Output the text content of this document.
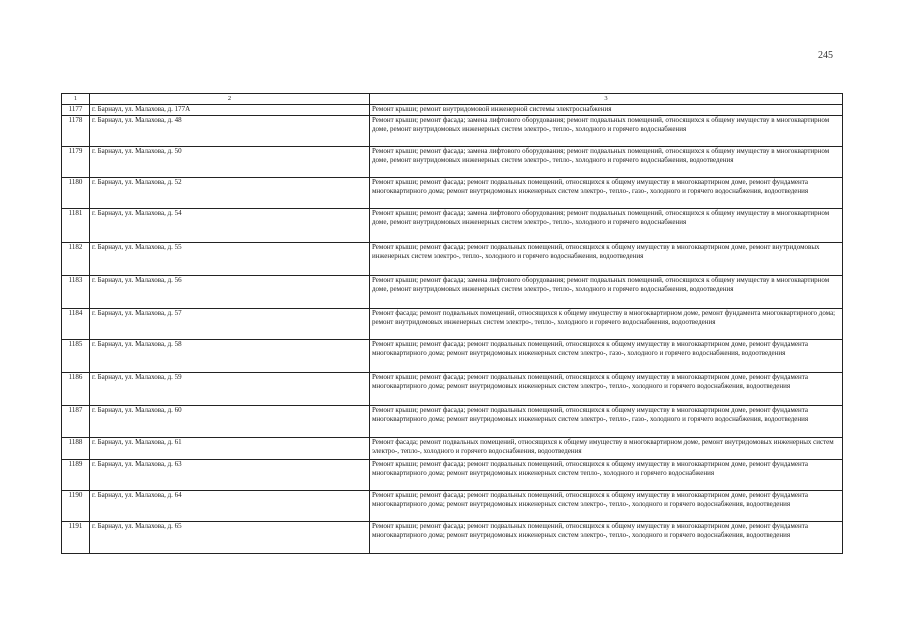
245
1	2	3
1177	г. Барнаул, ул. Малахова, д. 177А	Ремонт крыши; ремонт внутридомовой инженерной системы электроснабжения
1178	г. Барнаул, ул. Малахова, д. 48	Ремонт крыши; ремонт фасада; замена лифтового оборудования; ремонт подвальных помещений, относящихся к общему имуществу в многоквартирном доме, ремонт внутридомовых инженерных систем электро-, тепло-, холодного и горячего водоснабжения
1179	г. Барнаул, ул. Малахова, д. 50	Ремонт крыши; ремонт фасада; замена лифтового оборудования; ремонт подвальных помещений, относящихся к общему имуществу в многоквартирном доме, ремонт внутридомовых инженерных систем электро-, тепло-, холодного и горячего водоснабжения, водоотведения
1180	г. Барнаул, ул. Малахова, д. 52	Ремонт крыши; ремонт фасада; ремонт подвальных помещений, относящихся к общему имуществу в многоквартирном доме, ремонт фундамента многоквартирного дома; ремонт внутридомовых инженерных систем электро-, тепло-, газо-, холодного и горячего водоснабжения, водоотведения
1181	г. Барнаул, ул. Малахова, д. 54	Ремонт крыши; ремонт фасада; замена лифтового оборудования; ремонт подвальных помещений, относящихся к общему имуществу в многоквартирном доме, ремонт внутридомовых инженерных систем электро-, тепло-, холодного и горячего водоснабжения
1182	г. Барнаул, ул. Малахова, д. 55	Ремонт крыши; ремонт фасада; ремонт подвальных помещений, относящихся к общему имуществу в многоквартирном доме, ремонт внутридомовых инженерных систем электро-, тепло-, холодного и горячего водоснабжения, водоотведения
1183	г. Барнаул, ул. Малахова, д. 56	Ремонт крыши; ремонт фасада; замена лифтового оборудования; ремонт подвальных помещений, относящихся к общему имуществу в многоквартирном доме, ремонт внутридомовых инженерных систем электро-, тепло-, холодного и горячего водоснабжения, водоотведения
1184	г. Барнаул, ул. Малахова, д. 57	Ремонт фасада; ремонт подвальных помещений, относящихся к общему имуществу в многоквартирном доме, ремонт фундамента многоквартирного дома; ремонт внутридомовых инженерных систем электро-, тепло-, холодного и горячего водоснабжения, водоотведения
1185	г. Барнаул, ул. Малахова, д. 58	Ремонт крыши; ремонт фасада; ремонт подвальных помещений, относящихся к общему имуществу в многоквартирном доме, ремонт фундамента многоквартирного дома; ремонт внутридомовых инженерных систем электро-, газо-, холодного и горячего водоснабжения, водоотведения
1186	г. Барнаул, ул. Малахова, д. 59	Ремонт крыши; ремонт фасада; ремонт подвальных помещений, относящихся к общему имуществу в многоквартирном доме, ремонт фундамента многоквартирного дома; ремонт внутридомовых инженерных систем электро-, тепло-, холодного и горячего водоснабжения, водоотведения
1187	г. Барнаул, ул. Малахова, д. 60	Ремонт крыши; ремонт фасада; ремонт подвальных помещений, относящихся к общему имуществу в многоквартирном доме, ремонт фундамента многоквартирного дома; ремонт внутридомовых инженерных систем электро-, тепло-, газо-, холодного и горячего водоснабжения, водоотведения
1188	г. Барнаул, ул. Малахова, д. 61	Ремонт фасада; ремонт подвальных помещений, относящихся к общему имуществу в многоквартирном доме, ремонт внутридомовых инженерных систем электро-, тепло-, холодного и горячего водоснабжения, водоотведения
1189	г. Барнаул, ул. Малахова, д. 63	Ремонт крыши; ремонт фасада; ремонт подвальных помещений, относящихся к общему имуществу в многоквартирном доме, ремонт фундамента многоквартирного дома; ремонт внутридомовых инженерных систем тепло-, холодного и горячего водоснабжения
1190	г. Барнаул, ул. Малахова, д. 64	Ремонт крыши; ремонт фасада; ремонт подвальных помещений, относящихся к общему имуществу в многоквартирном доме, ремонт фундамента многоквартирного дома; ремонт внутридомовых инженерных систем электро-, тепло-, холодного и горячего водоснабжения, водоотведения
1191	г. Барнаул, ул. Малахова, д. 65	Ремонт крыши; ремонт фасада; ремонт подвальных помещений, относящихся к общему имуществу в многоквартирном доме, ремонт фундамента многоквартирного дома; ремонт внутридомовых инженерных систем электро-, тепло-, холодного и горячего водоснабжения, водоотведения
